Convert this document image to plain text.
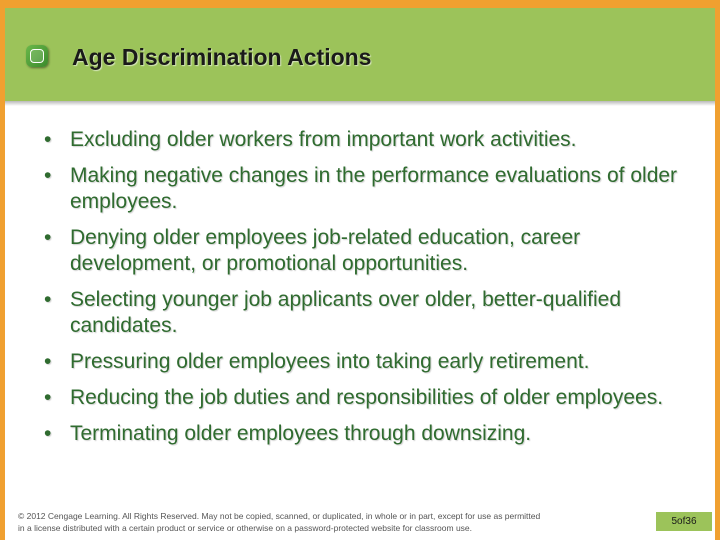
Age Discrimination Actions
• Excluding older workers from important work activities.
• Making negative changes in the performance evaluations of older employees.
• Denying older employees job-related education, career development, or promotional opportunities.
• Selecting younger job applicants over older, better-qualified candidates.
• Pressuring older employees into taking early retirement.
• Reducing the job duties and responsibilities of older employees.
• Terminating older employees through downsizing.
© 2012 Cengage Learning. All Rights Reserved. May not be copied, scanned, or duplicated, in whole or in part, except for use as permitted in a license distributed with a certain product or service or otherwise on a password-protected website for classroom use.
5 of 36
